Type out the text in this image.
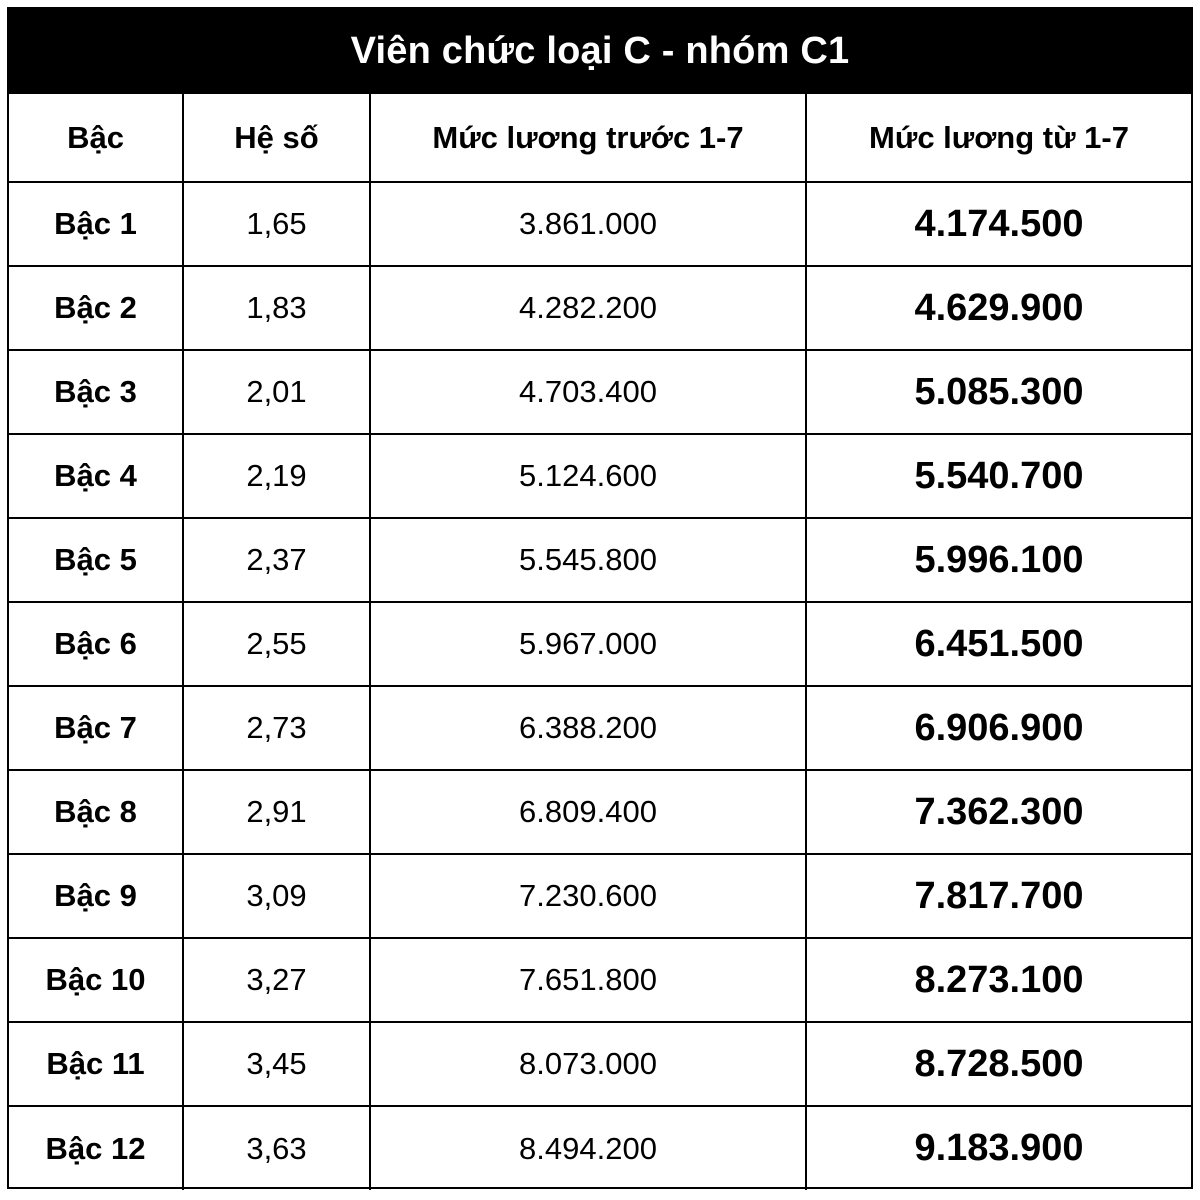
Viên chức loại C - nhóm C1
Bậc	Hệ số	Mức lương trước 1-7	Mức lương từ 1-7
Bậc 1	1,65	3.861.000	4.174.500
Bậc 2	1,83	4.282.200	4.629.900
Bậc 3	2,01	4.703.400	5.085.300
Bậc 4	2,19	5.124.600	5.540.700
Bậc 5	2,37	5.545.800	5.996.100
Bậc 6	2,55	5.967.000	6.451.500
Bậc 7	2,73	6.388.200	6.906.900
Bậc 8	2,91	6.809.400	7.362.300
Bậc 9	3,09	7.230.600	7.817.700
Bậc 10	3,27	7.651.800	8.273.100
Bậc 11	3,45	8.073.000	8.728.500
Bậc 12	3,63	8.494.200	9.183.900
